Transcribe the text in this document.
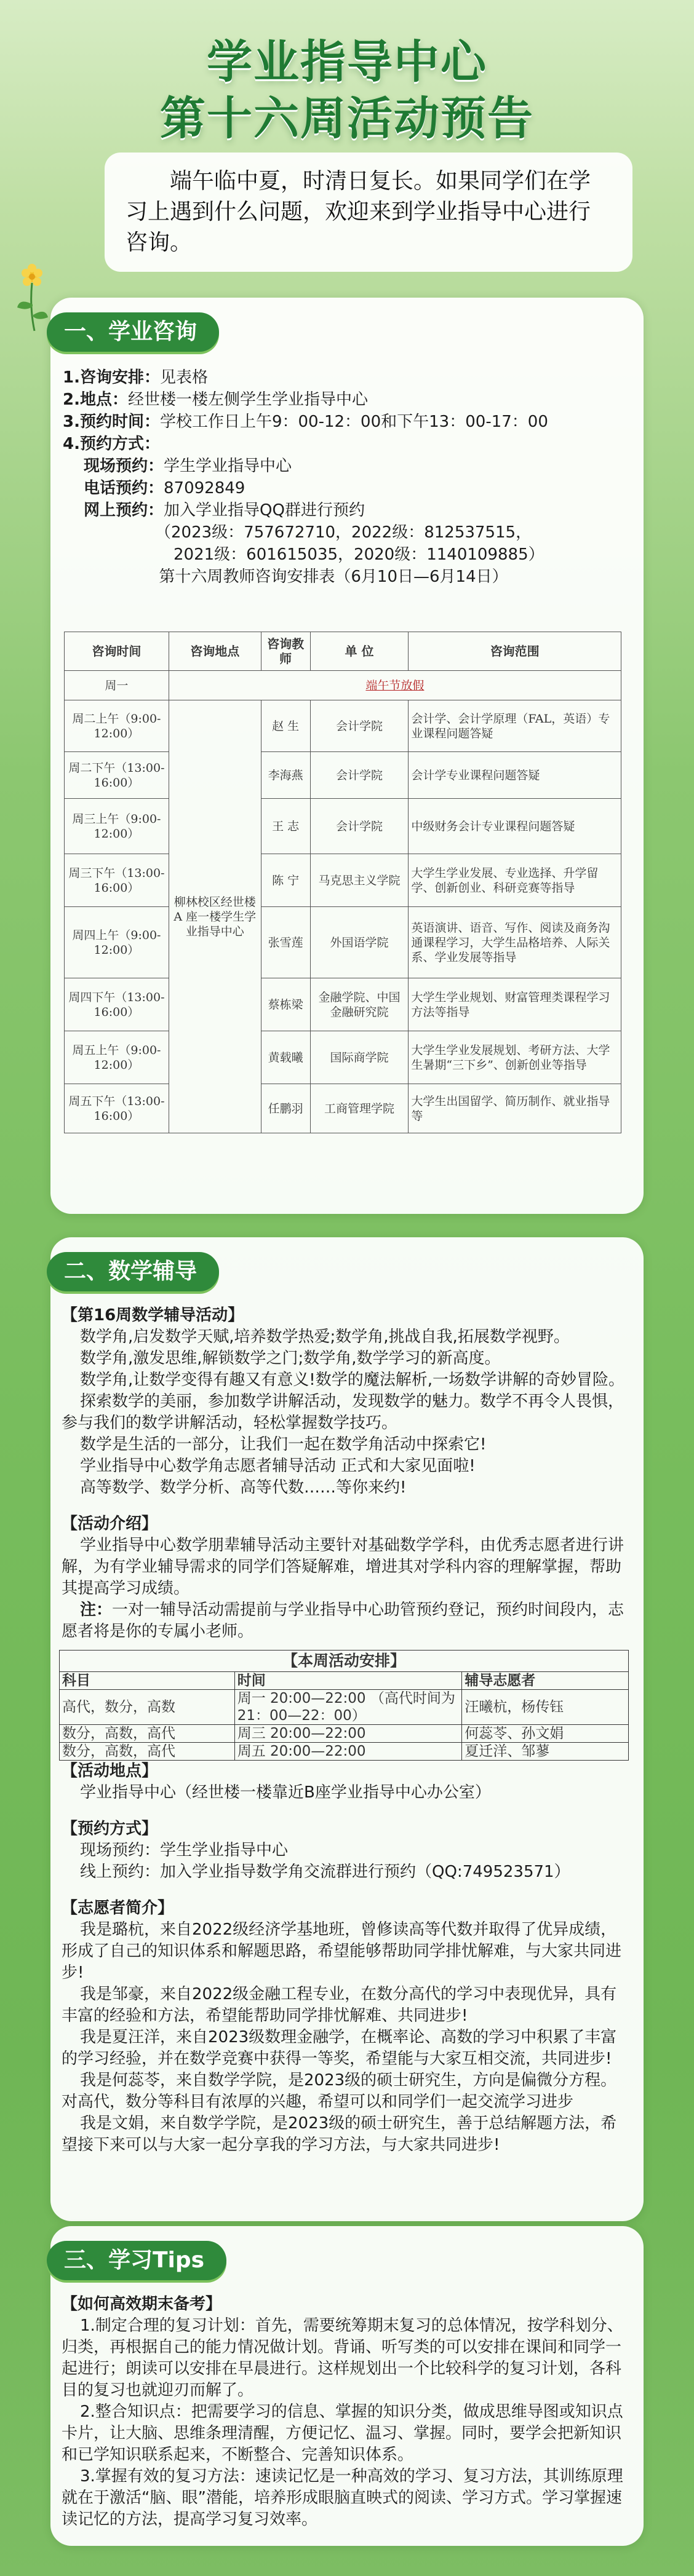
学业指导中心
第十六周活动预告
端午临中夏，时清日复长。如果同学们在学习上遇到什么问题，欢迎来到学业指导中心进行咨询。
一、学业咨询
1.咨询安排：见表格
2.地点：经世楼一楼左侧学生学业指导中心
3.预约时间：学校工作日上午9：00-12：00和下午13：00-17：00
4.预约方式：
现场预约：学生学业指导中心
电话预约：87092849
网上预约：加入学业指导QQ群进行预约
（2023级：757672710，2022级：812537515，
2021级：601615035，2020级：1140109885）
第十六周教师咨询安排表（6月10日—6月14日）
咨询时间	咨询地点	咨询教师	单 位	咨询范围
周一	端午节放假			
周二上午（9:00-12:00）	柳林校区经世楼 A 座一楼学生学业指导中心	赵 生	会计学院	会计学、会计学原理（FAL，英语）专业课程问题答疑
周二下午（13:00-16:00）		李海燕	会计学院	会计学专业课程问题答疑
周三上午（9:00-12:00）		王 志	会计学院	中级财务会计专业课程问题答疑
周三下午（13:00-16:00）		陈 宁	马克思主义学院	大学生学业发展、专业选择、升学留学、创新创业、科研竞赛等指导
周四上午（9:00-12:00）		张雪莲	外国语学院	英语演讲、语音、写作、阅读及商务沟通课程学习，大学生品格培养、人际关系、学业发展等指导
周四下午（13:00-16:00）		蔡栋梁	金融学院、中国金融研究院	大学生学业规划、财富管理类课程学习方法等指导
周五上午（9:00-12:00）		黄载曦	国际商学院	大学生学业发展规划、考研方法、大学生暑期“三下乡”、创新创业等指导
周五下午（13:00-16:00）		任鹏羽	工商管理学院	大学生出国留学、简历制作、就业指导等
二、数学辅导

【第16周数学辅导活动】

数学角,启发数学天赋,培养数学热爱;数学角,挑战自我,拓展数学视野。

数学角,激发思维,解锁数学之门;数学角,数学学习的新高度。

数学角,让数学变得有趣又有意义!数学的魔法解析,一场数学讲解的奇妙冒险。

探索数学的美丽，参加数学讲解活动，发现数学的魅力。数学不再令人畏惧，参与我们的数学讲解活动，轻松掌握数学技巧。

数学是生活的一部分，让我们一起在数学角活动中探索它!

学业指导中心数学角志愿者辅导活动 正式和大家见面啦!

高等数学、数学分析、高等代数……等你来约!

【活动介绍】

学业指导中心数学朋辈辅导活动主要针对基础数学学科，由优秀志愿者进行讲解，为有学业辅导需求的同学们答疑解难，增进其对学科内容的理解掌握，帮助其提高学习成绩。

注：一对一辅导活动需提前与学业指导中心助管预约登记，预约时间段内，志愿者将是你的专属小老师。

【本周活动安排】		
科目	时间	辅导志愿者
高代，数分，高数	周一 20:00—22:00 （高代时间为 21：00—22：00）	汪曦杭，杨传钰
数分，高数，高代	周三 20:00—22:00	何蕊苓、孙文娟
数分，高数，高代	周五 20:00—22:00	夏迁洋、邹蓼

【活动地点】

学业指导中心（经世楼一楼靠近B座学业指导中心办公室）

【预约方式】

现场预约：学生学业指导中心

线上预约：加入学业指导数学角交流群进行预约（QQ:749523571）

【志愿者简介】

我是璐杭，来自2022级经济学基地班，曾修读高等代数并取得了优异成绩，形成了自己的知识体系和解题思路，希望能够帮助同学排忧解难，与大家共同进步!

我是邹豪，来自2022级金融工程专业，在数分高代的学习中表现优异，具有丰富的经验和方法，希望能帮助同学排忧解难、共同进步!

我是夏汪洋，来自2023级数理金融学，在概率论、高数的学习中积累了丰富的学习经验，并在数学竞赛中获得一等奖，希望能与大家互相交流，共同进步!

我是何蕊苓，来自数学学院，是2023级的硕士研究生，方向是偏微分方程。对高代，数分等科目有浓厚的兴趣，希望可以和同学们一起交流学习进步

我是文娟，来自数学学院，是2023级的硕士研究生，善于总结解题方法，希望接下来可以与大家一起分享我的学习方法，与大家共同进步!

三、学习Tips

【如何高效期末备考】

1.制定合理的复习计划：首先，需要统筹期末复习的总体情况，按学科划分、归类，再根据自己的能力情况做计划。背诵、听写类的可以安排在课间和同学一起进行；朗读可以安排在早晨进行。这样规划出一个比较科学的复习计划，各科目的复习也就迎刃而解了。

2.整合知识点：把需要学习的信息、掌握的知识分类，做成思维导图或知识点卡片，让大脑、思维条理清醒，方便记忆、温习、掌握。同时，要学会把新知识和已学知识联系起来，不断整合、完善知识体系。

3.掌握有效的复习方法：速读记忆是一种高效的学习、复习方法，其训练原理就在于激活“脑、眼”潜能，培养形成眼脑直映式的阅读、学习方式。学习掌握速读记忆的方法，提高学习复习效率。
